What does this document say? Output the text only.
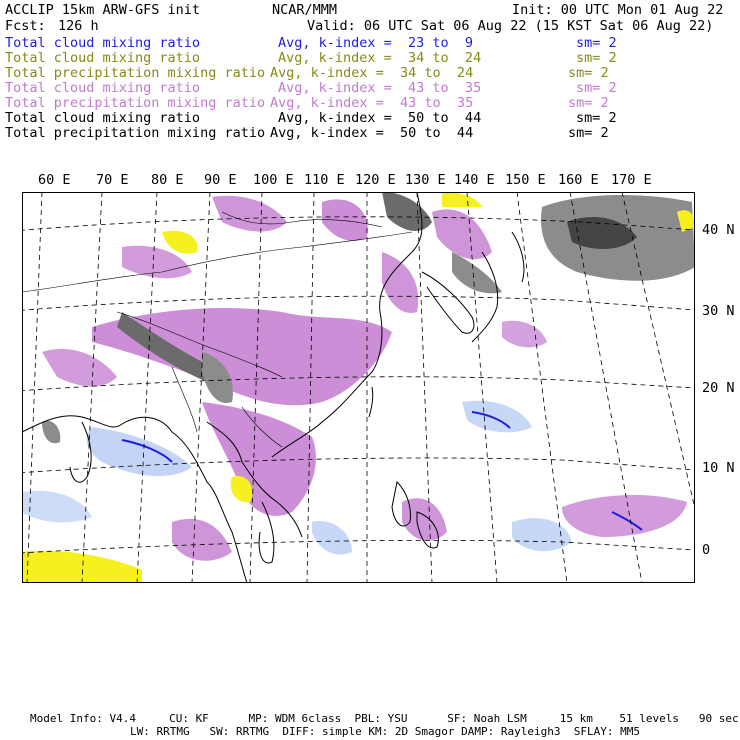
ACCLIP 15km ARW-GFS init	NCAR/MMM	Init: 00 UTC Mon 01 Aug 22
Fcst: 126 h	Valid: 06 UTC Sat 06 Aug 22 (15 KST Sat 06 Aug 22)
Total cloud mixing ratio	Avg, k-index =  23 to  9	sm= 2
Total cloud mixing ratio	Avg, k-index =  34 to  24	sm= 2
Total precipitation mixing ratio Avg, k-index =  34 to  24	sm= 2
Total cloud mixing ratio	Avg, k-index =  43 to  35	sm= 2
Total precipitation mixing ratio Avg, k-index =  43 to  35	sm= 2
Total cloud mixing ratio	Avg, k-index =  50 to  44	sm= 2
Total precipitation mixing ratio Avg, k-index =  50 to  44	sm= 2
60 E 70 E 80 E 90 E 100 E 110 E 120 E 130 E 140 E 150 E 160 E 170 E
40 N
30 N
20 N
10 N
0
Model Info: V4.4     CU: KF      MP: WDM 6class  PBL: YSU      SF: Noah LSM     15 km    51 levels   90 sec
LW: RRTMG   SW: RRTMG  DIFF: simple KM: 2D Smagor DAMP: Rayleigh3  SFLAY: MM5
